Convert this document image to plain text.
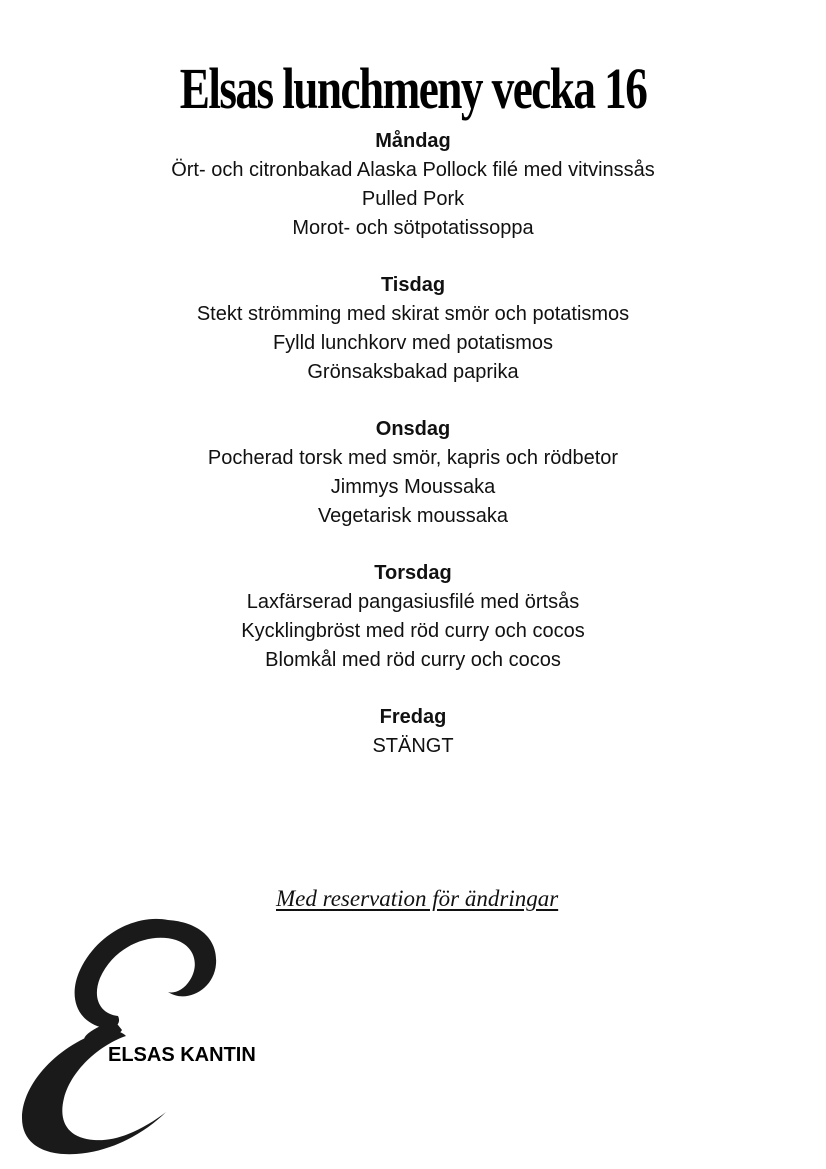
Elsas lunchmeny vecka 16

Måndag

Ört- och citronbakad Alaska Pollock filé med vitvinssås

Pulled Pork

Morot- och sötpotatissoppa

Tisdag

Stekt strömming med skirat smör och potatismos

Fylld lunchkorv med potatismos

Grönsaksbakad paprika

Onsdag

Pocherad torsk med smör, kapris och rödbetor

Jimmys Moussaka

Vegetarisk moussaka

Torsdag

Laxfärserad pangasiusfilé med örtsås

Kycklingbröst med röd curry och cocos

Blomkål med röd curry och cocos

Fredag

STÄNGT

Med reservation för ändringar

ELSAS KANTIN
